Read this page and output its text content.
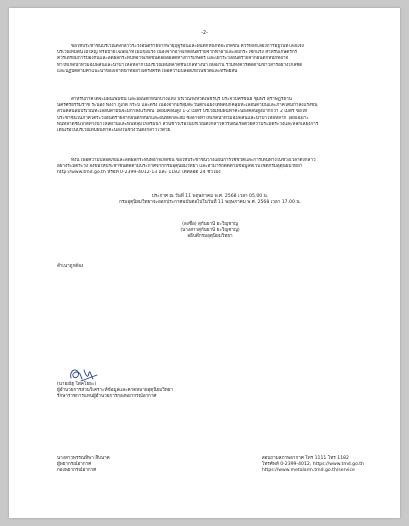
-2-

ขอให้ประชาชนบริเวณดังกล่าวระวังอันตรายจากพายุฤดูร้อนและฝนตกหนักที่จะเกิดขึ้น ควรหลีกเลี่ยงการอยู่ในที่โล่งแจ้ง
บริเวณที่มีต้นไม้ใหญ่ หรือป้ายโฆษณาที่ไม่แข็งแรง เนื่องจากอาจเกิดอันตรายจากฟ้าผ่าและลมกระโชกแรง สำหรับเกษตรกร
ควรเตรียมการป้องกันและลดผลกระทบที่อาจเกิดขึ้นต่อผลผลิตทางการเกษตร และเฝ้าระวังอันตรายจากฝนตกหนักที่อาจ
ทำให้เกิดน้ำท่วมฉับพลันและน้ำป่าไหลหลากในบริเวณพื้นที่ลาดชันใกล้ทางน้ำไหลผ่าน รวมทั้งควรติดตามข่าวสารอย่างใกล้ชิด
และปฏิบัติตามคำแนะนำของเจ้าหน้าที่อย่างเคร่งครัด เพื่อความปลอดภัยในชีวิตและทรัพย์สิน

สำหรับภาคใต้จะมีฝนเพิ่มขึ้น และมีฝนตกหนักบางแห่ง บริเวณจังหวัดเพชรบุรี ประจวบคีรีขันธ์ ชุมพร สุราษฎร์ธานี
นครศรีธรรมราช ระนอง พังงา ภูเก็ต กระบี่ และตรัง เนื่องจากมรสุมตะวันตกเฉียงใต้พัดปกคลุมทะเลอันดามันและภาคใต้มีกำลังแรงขึ้น
ส่วนคลื่นลมบริเวณทะเลอันดามันจะมีกำลังแรงขึ้น โดยมีคลื่นสูง 1-2 เมตร บริเวณที่มีฝนฟ้าคะนองคลื่นสูงมากกว่า 2 เมตร ขอให้
ประชาชนในภาคใต้ระวังอันตรายจากฝนตกหนักและฝนที่ตกสะสม ซึ่งอาจทำให้เกิดน้ำท่วมฉับพลันและน้ำป่าไหลหลาก โดยเฉพาะ
พื้นที่ลาดชันใกล้ทางน้ำไหลผ่านและพื้นที่ลุ่มใกล้ริมน้ำ ส่วนชาวเรือในบริเวณดังกล่าวควรเดินเรือด้วยความระมัดระวังและหลีกเลี่ยงการ
เดินเรือในบริเวณที่มีฝนฟ้าคะนองในช่วงวันดังกล่าวไว้ด้วย

ทั้งนี้ เพื่อความปลอดภัยและลดผลกระทบที่อาจเกิดขึ้น ขอให้ประชาชนวางแผนการใช้ชีวิตและการเดินทางในช่วงเวลาดังกล่าว
อย่างระมัดระวัง จึงขอให้ประชาชนติดตามประกาศจากกรมอุตุนิยมวิทยา และสามารถติดตามข้อมูลที่เว็บไซต์กรมอุตุนิยมวิทยา
http://www.tmd.go.th หรือที่ 0-2399-4012-13 และ 1182 ได้ตลอด 24 ชั่วโมง

ประกาศ ณ วันที่ 11 พฤษภาคม พ.ศ. 2568 เวลา 05.00 น.
กรมอุตุนิยมวิทยาจะออกประกาศฉบับต่อไปในวันที่ 11 พฤษภาคม พ.ศ. 2568 เวลา 17.00 น.
(ลงชื่อ) สุกันยานี ยะวิญชาญ
(นางสาวสุกันยานี ยะวิญชาญ)
อธิบดีกรมอุตุนิยมวิทยา
สำเนาถูกต้อง
(นายณัฐ โตคโยธะ)
ผู้อำนวยการส่วนวิเคราะห์ข้อมูลและคาดหมายอุตุนิยมวิทยา
รักษาราชการแทนผู้อำนวยการกองพยากรณ์อากาศ
นางสาวพรรณทิพา สืบนาค
ผู้พยากรณ์อากาศ
กองพยากรณ์อากาศ
สอบถามสภาพอากาศ โทร 1111 โทร 1182
โทรศัพท์ 0-2399-4012, https://www.tmd.go.th
https://www.metalarm.tmd.go.th/service
